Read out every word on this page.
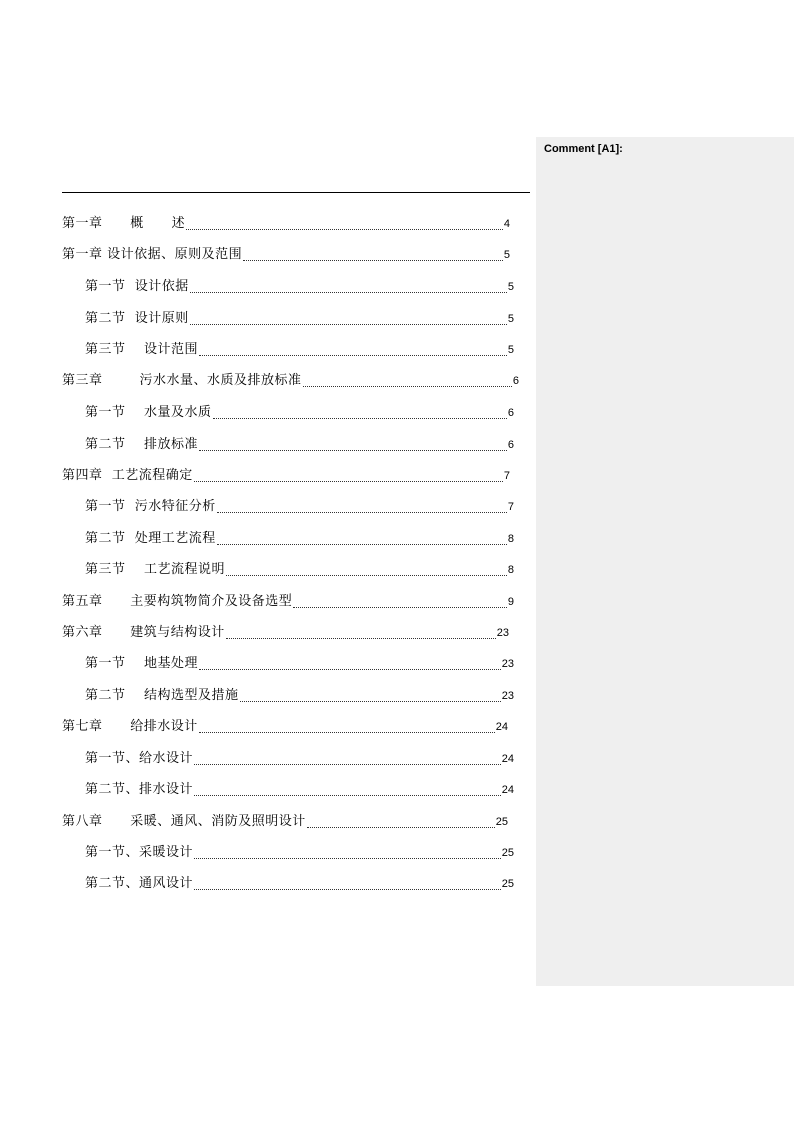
Comment [A1]:
第一章      概      述	4
第一章 设计依据、原则及范围	5
第一节  设计依据	5
第二节  设计原则	5
第三节    设计范围	5
第三章        污水水量、水质及排放标准	6
第一节    水量及水质	6
第二节    排放标准	6
第四章  工艺流程确定	7
第一节  污水特征分析	7
第二节  处理工艺流程	8
第三节    工艺流程说明	8
第五章      主要构筑物简介及设备选型	9
第六章      建筑与结构设计	23
第一节    地基处理	23
第二节    结构选型及措施	23
第七章      给排水设计	24
第一节、给水设计	24
第二节、排水设计	24
第八章      采暖、通风、消防及照明设计	25
第一节、采暖设计	25
第二节、通风设计	25
